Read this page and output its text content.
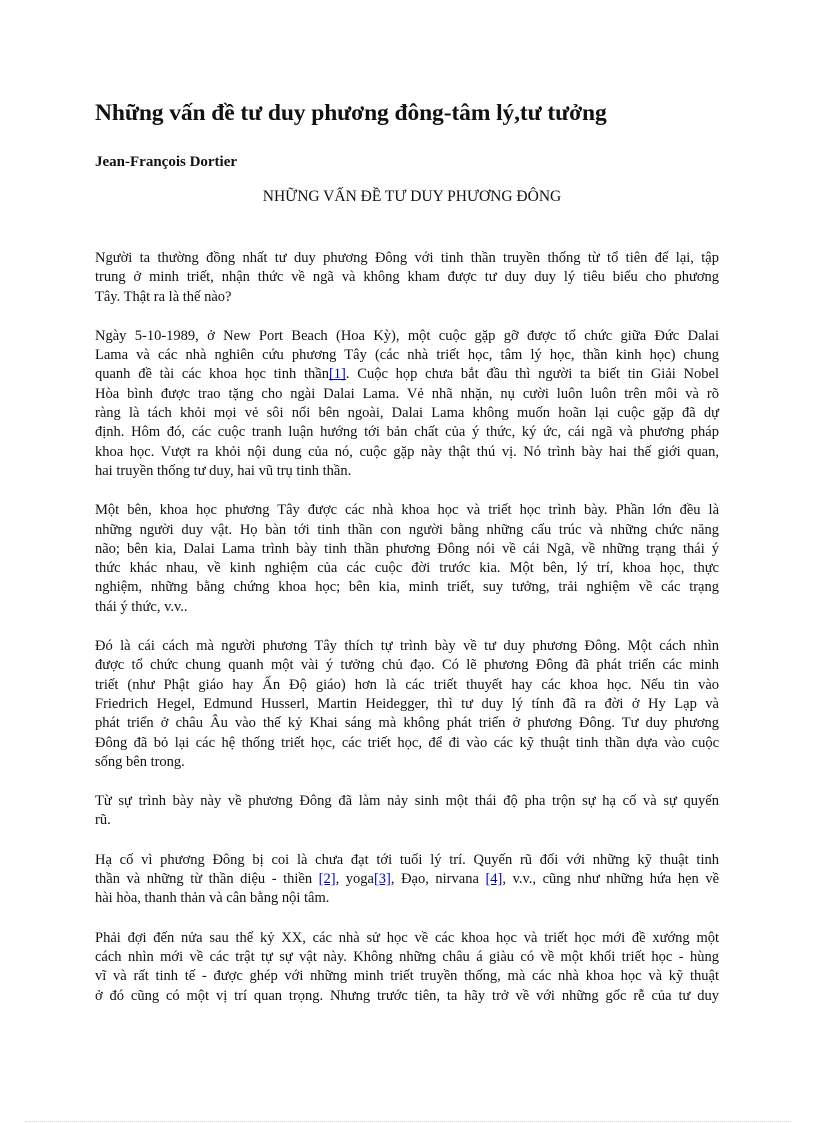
Những vấn đề tư duy phương đông-tâm lý,tư tưởng

Jean-François Dortier

NHỮNG VẤN ĐỀ TƯ DUY PHƯƠNG ĐÔNG

Người ta thường đồng nhất tư duy phương Đông với tinh thần truyền thống từ tổ tiên để lại, tập
trung ở minh triết, nhận thức về ngã và không kham được tư duy duy lý tiêu biểu cho phương
Tây. Thật ra là thế nào?

Ngày 5-10-1989, ở New Port Beach (Hoa Kỳ), một cuộc gặp gỡ được tổ chức giữa Đức Dalai
Lama và các nhà nghiên cứu phương Tây (các nhà triết học, tâm lý học, thần kinh học) chung
quanh đề tài các khoa học tinh thần[1]. Cuộc họp chưa bắt đầu thì người ta biết tin Giải Nobel
Hòa bình được trao tặng cho ngài Dalai Lama. Vẻ nhã nhặn, nụ cười luôn luôn trên môi và rõ
ràng là tách khỏi mọi vẻ sôi nổi bên ngoài, Dalai Lama không muốn hoãn lại cuộc gặp đã dự
định. Hôm đó, các cuộc tranh luận hướng tới bản chất của ý thức, ký ức, cái ngã và phương pháp
khoa học. Vượt ra khỏi nội dung của nó, cuộc gặp này thật thú vị. Nó trình bày hai thế giới quan,
hai truyền thống tư duy, hai vũ trụ tinh thần.

Một bên, khoa học phương Tây được các nhà khoa học và triết học trình bày. Phần lớn đều là
những người duy vật. Họ bàn tới tinh thần con người bằng những cấu trúc và những chức năng
não; bên kia, Dalai Lama trình bày tinh thần phương Đông nói về cái Ngã, về những trạng thái ý
thức khác nhau, về kinh nghiệm của các cuộc đời trước kia. Một bên, lý trí, khoa học, thực
nghiệm, những bằng chứng khoa học; bên kia, minh triết, suy tưởng, trải nghiệm về các trạng
thái ý thức, v.v..

Đó là cái cách mà người phương Tây thích tự trình bày về tư duy phương Đông. Một cách nhìn
được tổ chức chung quanh một vài ý tưởng chủ đạo. Có lẽ phương Đông đã phát triển các minh
triết (như Phật giáo hay Ấn Độ giáo) hơn là các triết thuyết hay các khoa học. Nếu tin vào
Friedrich Hegel, Edmund Husserl, Martin Heidegger, thì tư duy lý tính đã ra đời ở Hy Lạp và
phát triển ở châu Âu vào thế kỷ Khai sáng mà không phát triển ở phương Đông. Tư duy phương
Đông đã bỏ lại các hệ thống triết học, các triết học, để đi vào các kỹ thuật tinh thần dựa vào cuộc
sống bên trong.

Từ sự trình bày này về phương Đông đã làm nảy sinh một thái độ pha trộn sự hạ cố và sự quyến
rũ.

Hạ cố vì phương Đông bị coi là chưa đạt tới tuổi lý trí. Quyến rũ đối với những kỹ thuật tinh
thần và những từ thần diệu - thiền [2], yoga[3], Đạo, nirvana [4], v.v., cũng như những hứa hẹn về
hài hòa, thanh thản và cân bằng nội tâm.

Phải đợi đến nửa sau thế kỷ XX, các nhà sử học về các khoa học và triết học mới đề xướng một
cách nhìn mới về các trật tự sự vật này. Không những châu á giàu có về một khối triết học - hùng
vĩ và rất tinh tế - được ghép với những minh triết truyền thống, mà các nhà khoa học và kỹ thuật
ở đó cũng có một vị trí quan trọng. Nhưng trước tiên, ta hãy trở về với những gốc rễ của tư duy
